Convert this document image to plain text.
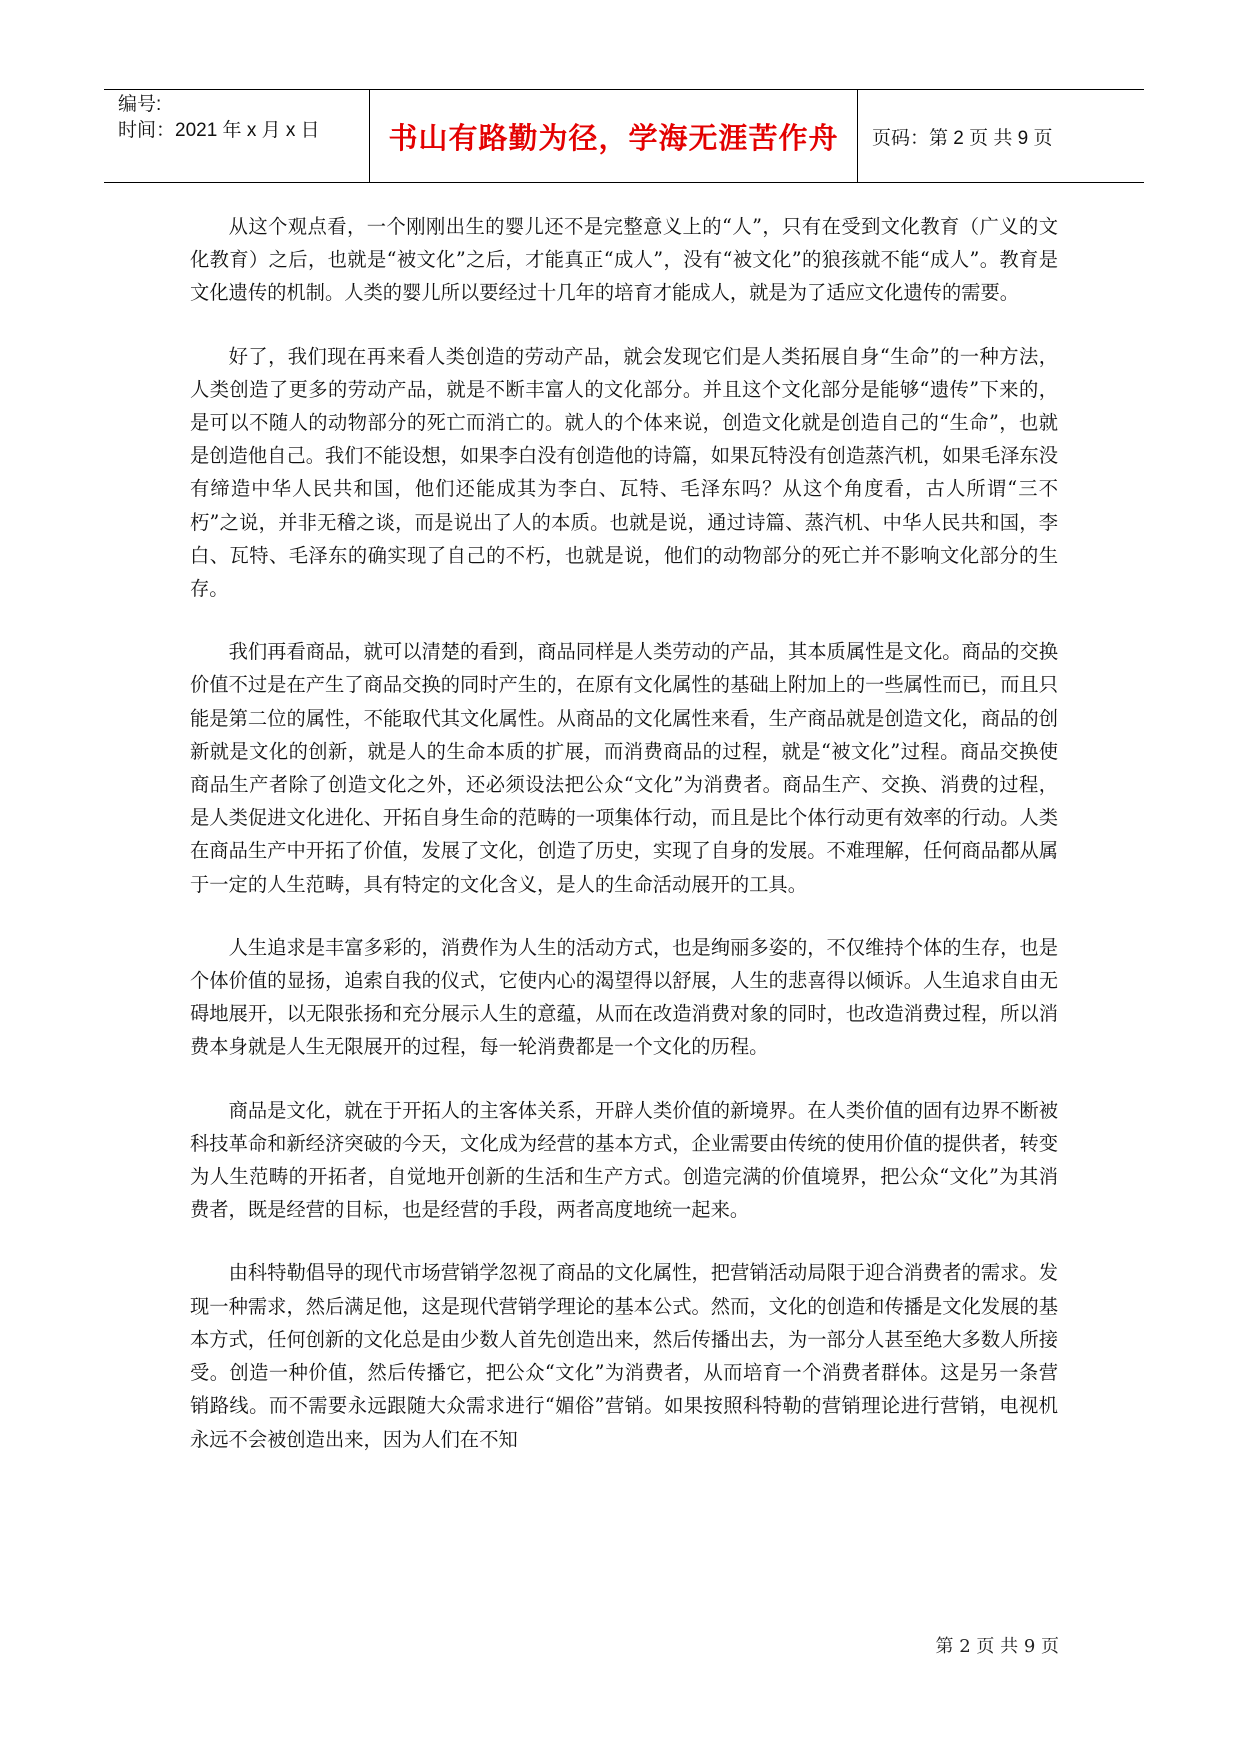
编号:
时间：2021 年 x 月 x 日	书山有路勤为径，学海无涯苦作舟 页码：第 2 页 共 9 页

从这个观点看，一个刚刚出生的婴儿还不是完整意义上的“人”，只有在受到文化教育（广义的文化教育）之后，也就是“被文化”之后，才能真正“成人”，没有“被文化”的狼孩就不能“成人”。教育是文化遗传的机制。人类的婴儿所以要经过十几年的培育才能成人，就是为了适应文化遗传的需要。

好了，我们现在再来看人类创造的劳动产品，就会发现它们是人类拓展自身“生命”的一种方法，人类创造了更多的劳动产品，就是不断丰富人的文化部分。并且这个文化部分是能够“遗传”下来的，是可以不随人的动物部分的死亡而消亡的。就人的个体来说，创造文化就是创造自己的“生命”，也就是创造他自己。我们不能设想，如果李白没有创造他的诗篇，如果瓦特没有创造蒸汽机，如果毛泽东没有缔造中华人民共和国，他们还能成其为李白、瓦特、毛泽东吗？从这个角度看，古人所谓“三不朽”之说，并非无稽之谈，而是说出了人的本质。也就是说，通过诗篇、蒸汽机、中华人民共和国，李白、瓦特、毛泽东的确实现了自己的不朽，也就是说，他们的动物部分的死亡并不影响文化部分的生存。

我们再看商品，就可以清楚的看到，商品同样是人类劳动的产品，其本质属性是文化。商品的交换价值不过是在产生了商品交换的同时产生的，在原有文化属性的基础上附加上的一些属性而已，而且只能是第二位的属性，不能取代其文化属性。从商品的文化属性来看，生产商品就是创造文化，商品的创新就是文化的创新，就是人的生命本质的扩展，而消费商品的过程，就是“被文化”过程。商品交换使商品生产者除了创造文化之外，还必须设法把公众“文化”为消费者。商品生产、交换、消费的过程，是人类促进文化进化、开拓自身生命的范畴的一项集体行动，而且是比个体行动更有效率的行动。人类在商品生产中开拓了价值，发展了文化，创造了历史，实现了自身的发展。不难理解，任何商品都从属于一定的人生范畴，具有特定的文化含义，是人的生命活动展开的工具。

人生追求是丰富多彩的，消费作为人生的活动方式，也是绚丽多姿的，不仅维持个体的生存，也是个体价值的显扬，追索自我的仪式，它使内心的渴望得以舒展，人生的悲喜得以倾诉。人生追求自由无碍地展开，以无限张扬和充分展示人生的意蕴，从而在改造消费对象的同时，也改造消费过程，所以消费本身就是人生无限展开的过程，每一轮消费都是一个文化的历程。

商品是文化，就在于开拓人的主客体关系，开辟人类价值的新境界。在人类价值的固有边界不断被科技革命和新经济突破的今天，文化成为经营的基本方式，企业需要由传统的使用价值的提供者，转变为人生范畴的开拓者，自觉地开创新的生活和生产方式。创造完满的价值境界，把公众“文化”为其消费者，既是经营的目标，也是经营的手段，两者高度地统一起来。

由科特勒倡导的现代市场营销学忽视了商品的文化属性，把营销活动局限于迎合消费者的需求。发现一种需求，然后满足他，这是现代营销学理论的基本公式。然而，文化的创造和传播是文化发展的基本方式，任何创新的文化总是由少数人首先创造出来，然后传播出去，为一部分人甚至绝大多数人所接受。创造一种价值，然后传播它，把公众“文化”为消费者，从而培育一个消费者群体。这是另一条营销路线。而不需要永远跟随大众需求进行“媚俗”营销。如果按照科特勒的营销理论进行营销，电视机永远不会被创造出来，因为人们在不知

第 2 页 共 9 页
